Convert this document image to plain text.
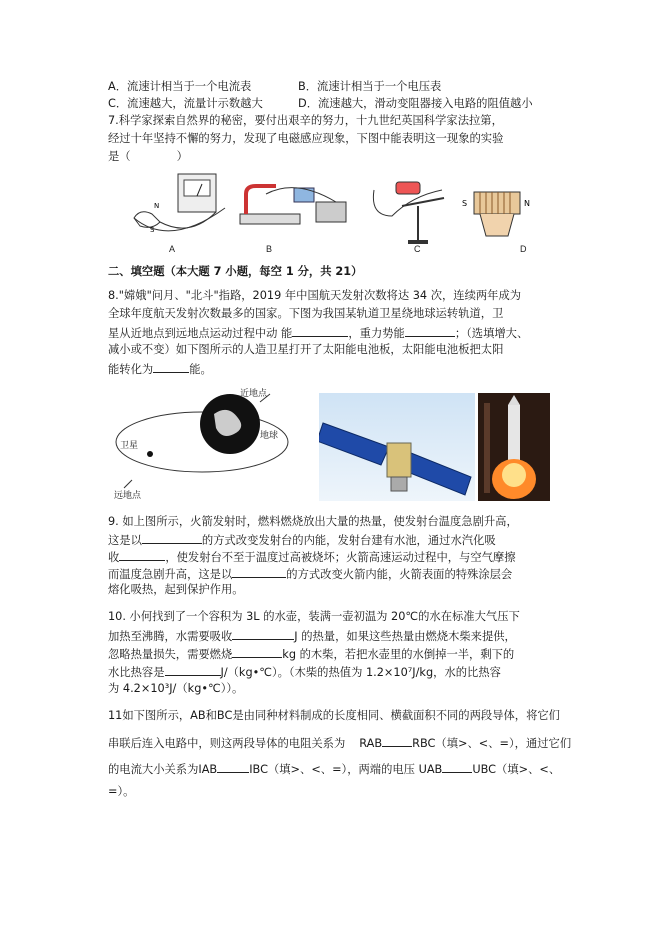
A．流速计相当于一个电流表	B．流速计相当于一个电压表
C．流速越大，流量计示数越大	D．流速越大，滑动变阻器接入电路的阻值越小
7.科学家探索自然界的秘密，要付出艰辛的努力，十九世纪英国科学家法拉第，
经过十年坚持不懈的努力，发现了电磁感应现象，下图中能表明这一现象的实验
是（	）
N
S
S	N
A	B	C	D
二、填空题（本大题 7 小题，每空 1 分，共 21）
8."嫦娥"问月、"北斗"指路，2019 年中国航天发射次数将达 34 次，连续两年成为
全球年度航天发射次数最多的国家。下图为我国某轨道卫星绕地球运转轨道，卫
星从近地点到远地点运动过程中动 能	，重力势能	；（选填增大、
减小或不变）如下图所示的人造卫星打开了太阳能电池板，太阳能电池板把太阳
能转化为	能。
近地点
卫星
地球
远地点
9. 如上图所示，火箭发射时，燃料燃烧放出大量的热量，使发射台温度急剧升高，
这是以	的方式改变发射台的内能，发射台建有水池，通过水汽化吸
收	，使发射台不至于温度过高被烧坏；火箭高速运动过程中，与空气摩擦
而温度急剧升高，这是以	的方式改变火箭内能，火箭表面的特殊涂层会
熔化吸热，起到保护作用。
10. 小何找到了一个容积为 3L 的水壶，装满一壶初温为 20℃的水在标准大气压下
加热至沸腾，水需要吸收	J 的热量，如果这些热量由燃烧木柴来提供，
忽略热量损失，需要燃烧	kg 的木柴，若把水壶里的水倒掉一半，剩下的
水比热容是	J/（kg•℃）。（木柴的热值为 1.2×10⁷J/kg，水的比热容
为 4.2×10³J/（kg•℃））。
11如下图所示，AB和BC是由同种材料制成的长度相同、横截面积不同的两段导体，将它们
串联后连入电路中，则这两段导体的电阻关系为 RAB	RBC（填>、<、=），通过它们
的电流大小关系为IAB	IBC（填>、<、=），两端的电压 UAB	UBC（填>、<、
=）。
